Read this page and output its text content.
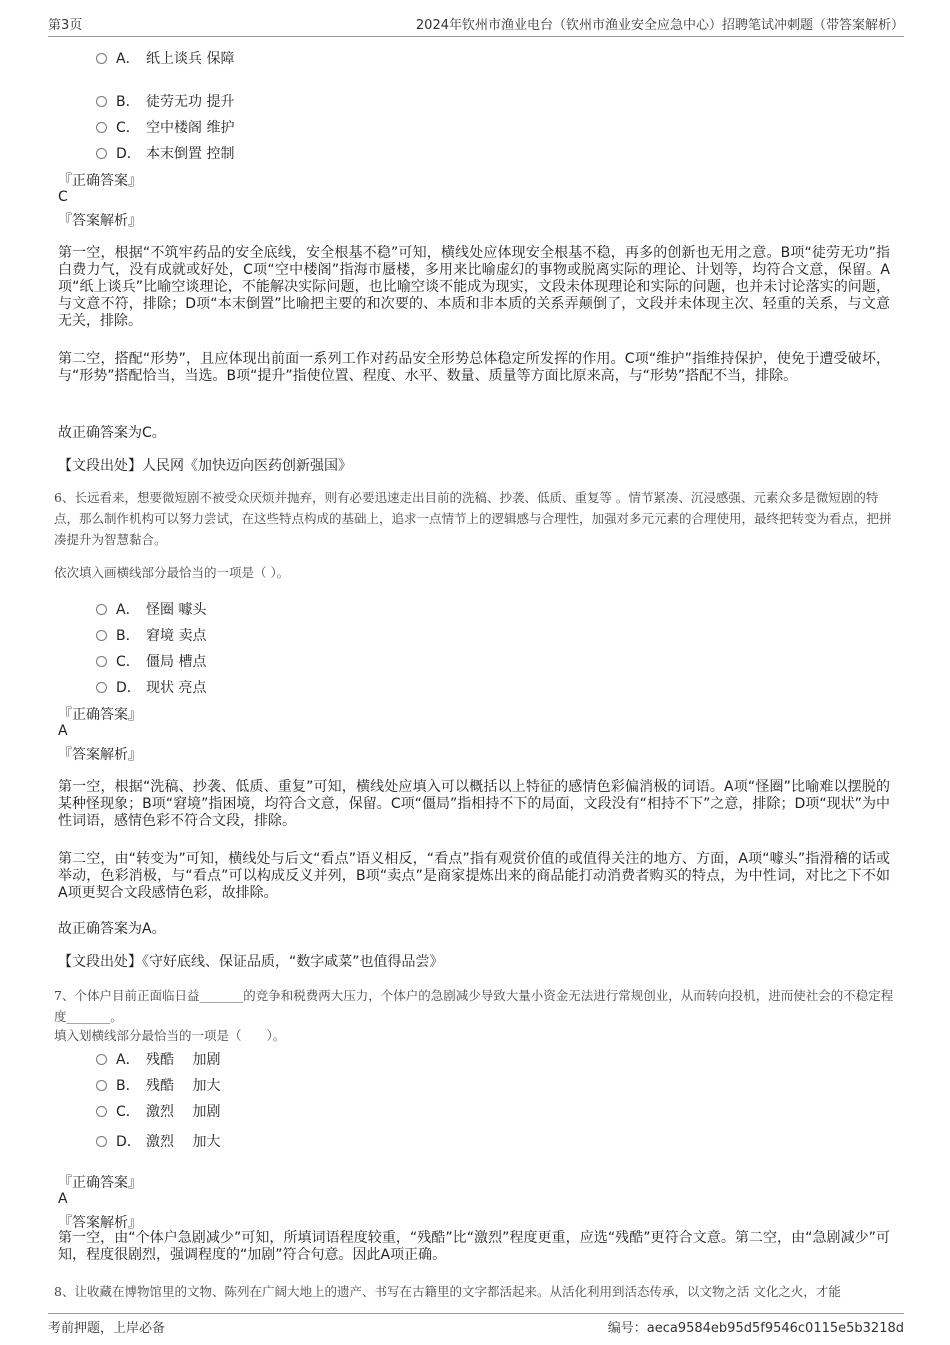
第3页	2024年钦州市渔业电台（钦州市渔业安全应急中心）招聘笔试冲刺题（带答案解析）
A． 纸上谈兵 保障
B． 徒劳无功 提升
C． 空中楼阁 维护
D． 本末倒置 控制
『正确答案』
C
『答案解析』
第一空，根据“不筑牢药品的安全底线，安全根基不稳”可知，横线处应体现安全根基不稳，再多的创新也无用之意。B项“徒劳无功”指白费力气，没有成就或好处，C项“空中楼阁”指海市蜃楼，多用来比喻虚幻的事物或脱离实际的理论、计划等，均符合文意，保留。A项“纸上谈兵”比喻空谈理论，不能解决实际问题，也比喻空谈不能成为现实，文段未体现理论和实际的问题，也并未讨论落实的问题，与文意不符，排除；D项“本末倒置”比喻把主要的和次要的、本质和非本质的关系弄颠倒了，文段并未体现主次、轻重的关系，与文意无关，排除。
第二空，搭配“形势”，且应体现出前面一系列工作对药品安全形势总体稳定所发挥的作用。C项“维护”指维持保护，使免于遭受破坏，与“形势”搭配恰当，当选。B项“提升”指使位置、程度、水平、数量、质量等方面比原来高，与“形势”搭配不当，排除。
故正确答案为C。
【文段出处】人民网《加快迈向医药创新强国》
6、长远看来，想要微短剧不被受众厌烦并抛弃，则有必要迅速走出目前的洗稿、抄袭、低质、重复等 。情节紧凑、沉浸感强、元素众多是微短剧的特点，那么制作机构可以努力尝试，在这些特点构成的基础上，追求一点情节上的逻辑感与合理性，加强对多元元素的合理使用，最终把转变为看点，把拼凑提升为智慧黏合。
依次填入画横线部分最恰当的一项是（ ）。
A． 怪圈 噱头
B． 窘境 卖点
C． 僵局 槽点
D． 现状 亮点
『正确答案』
A
『答案解析』
第一空，根据“洗稿、抄袭、低质、重复”可知，横线处应填入可以概括以上特征的感情色彩偏消极的词语。A项“怪圈”比喻难以摆脱的某种怪现象；B项“窘境”指困境，均符合文意，保留。C项“僵局”指相持不下的局面，文段没有“相持不下”之意，排除；D项“现状”为中性词语，感情色彩不符合文段，排除。
第二空，由“转变为”可知，横线处与后文“看点”语义相反，“看点”指有观赏价值的或值得关注的地方、方面，A项“噱头”指滑稽的话或举动，色彩消极，与“看点”可以构成反义并列，B项“卖点”是商家提炼出来的商品能打动消费者购买的特点，为中性词，对比之下不如A项更契合文段感情色彩，故排除。
故正确答案为A。
【文段出处】《守好底线、保证品质，“数字咸菜”也值得品尝》
7、个体户目前正面临日益_______的竞争和税费两大压力，个体户的急剧减少导致大量小资金无法进行常规创业，从而转向投机，进而使社会的不稳定程度_______。
填入划横线部分最恰当的一项是（　　）。
A． 残酷　 加剧
B． 残酷　 加大
C． 激烈　 加剧
D． 激烈　 加大
『正确答案』
A
『答案解析』
第一空，由“个体户急剧减少”可知，所填词语程度较重，“残酷”比“激烈”程度更重，应选“残酷”更符合文意。第二空，由“急剧减少”可知，程度很剧烈，强调程度的“加剧”符合句意。因此A项正确。
8、让收藏在博物馆里的文物、陈列在广阔大地上的遗产、书写在古籍里的文字都活起来。从活化利用到活态传承，以文物之活 文化之火，才能
考前押题，上岸必备	编号：aeca9584eb95d5f9546c0115e5b3218d
